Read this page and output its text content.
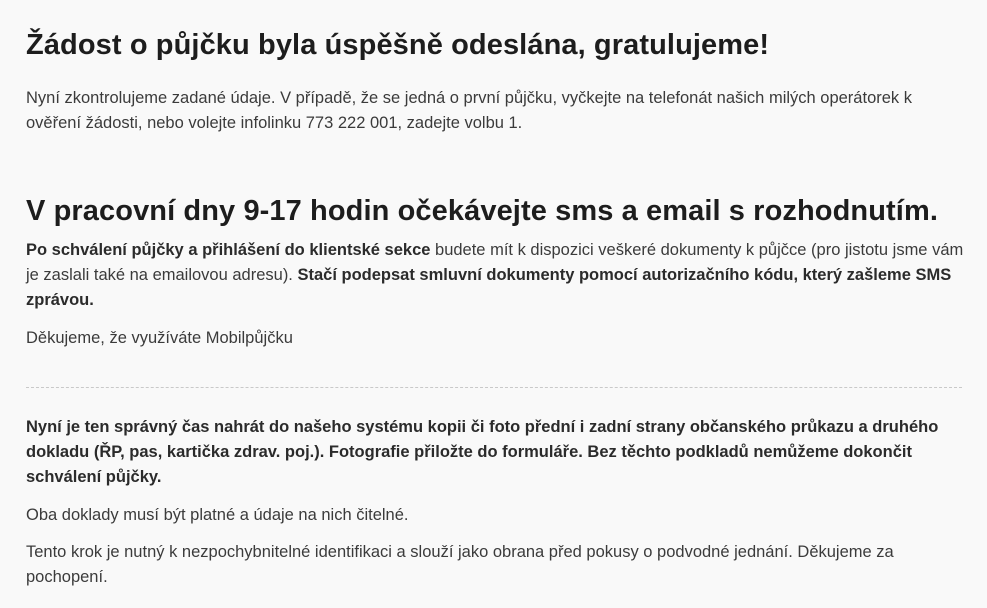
Žádost o půjčku byla úspěšně odeslána, gratulujeme!

Nyní zkontrolujeme zadané údaje. V případě, že se jedná o první půjčku, vyčkejte na telefonát našich milých operátorek k ověření žádosti, nebo volejte infolinku 773 222 001, zadejte volbu 1.

V pracovní dny 9-17 hodin očekávejte sms a email s rozhodnutím.

Po schválení půjčky a přihlášení do klientské sekce budete mít k dispozici veškeré dokumenty k půjčce (pro jistotu jsme vám je zaslali také na emailovou adresu). Stačí podepsat smluvní dokumenty pomocí autorizačního kódu, který zašleme SMS zprávou.

Děkujeme, že využíváte Mobilpůjčku

Nyní je ten správný čas nahrát do našeho systému kopii či foto přední i zadní strany občanského průkazu a druhého dokladu (ŘP, pas, kartička zdrav. poj.). Fotografie přiložte do formuláře. Bez těchto podkladů nemůžeme dokončit schválení půjčky.

Oba doklady musí být platné a údaje na nich čitelné.

Tento krok je nutný k nezpochybnitelné identifikaci a slouží jako obrana před pokusy o podvodné jednání. Děkujeme za pochopení.
